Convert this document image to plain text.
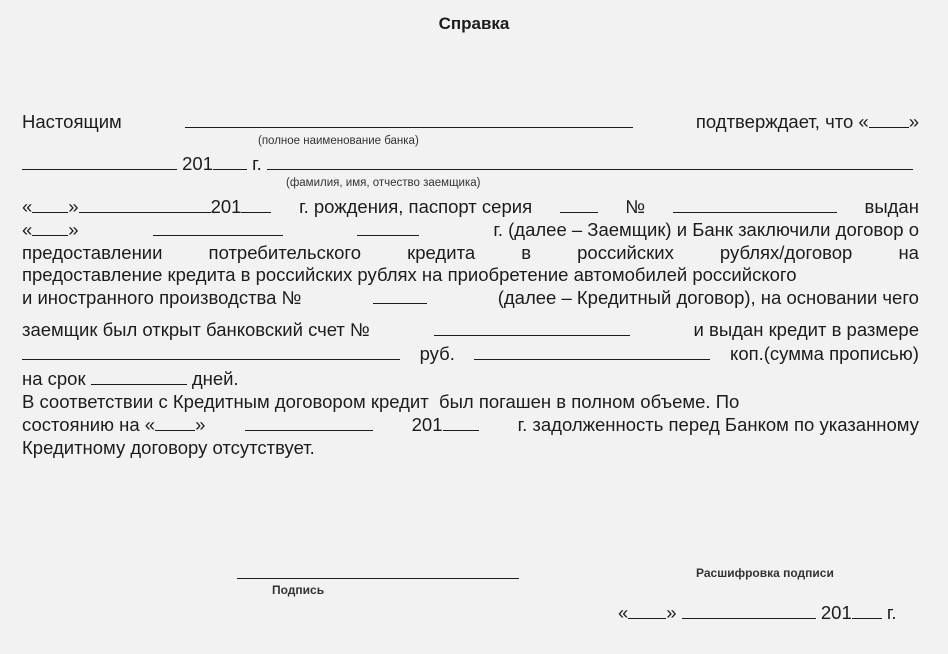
Справка
Настоящим	подтверждает, что « »
(полное наименование банка)
201 г.
(фамилия, имя, отчество заемщика)
« »	201	г. рождения, паспорт серия	№	выдан
« »	г. (далее – Заемщик) и Банк заключили договор о
предоставлении потребительского кредита в российских рублях/договор на
предоставление кредита в российских рублях на приобретение автомобилей российского
и иностранного производства №	(далее – Кредитный договор), на основании чего
заемщик был открыт банковский счет №	и выдан кредит в размере
руб.	коп.(сумма прописью)
на срок	дней.
В соответствии с Кредитным договором кредит  был погашен в полном объеме. По
состоянию на « »	201	г. задолженность перед Банком по указанному
Кредитному договору отсутствует.
Подпись
Расшифровка подписи
« »	201 г.
